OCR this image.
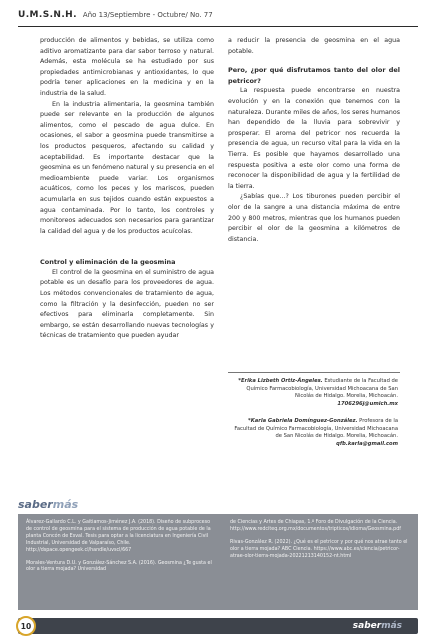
U.M.S.N.H. Año 13/Septiembre - Octubre/ No. 77

producción de alimentos y bebidas, se utiliza como aditivo aromatizante para dar sabor terroso y natural. Además, esta molécula se ha estudiado por sus propiedades antimicrobianas y antioxidantes, lo que podría tener aplicaciones en la medicina y en la industria de la salud.

En la industria alimentaria, la geosmina también puede ser relevante en la producción de algunos alimentos, como el pescado de agua dulce. En ocasiones, el sabor a geosmina puede transmitirse a los productos pesqueros, afectando su calidad y aceptabilidad. Es importante destacar que la geosmina es un fenómeno natural y su presencia en el medioambiente puede variar. Los organismos acuáticos, como los peces y los mariscos, pueden acumularla en sus tejidos cuando están expuestos a agua contaminada. Por lo tanto, los controles y monitoreos adecuados son necesarios para garantizar la calidad del agua y de los productos acuícolas.

Control y eliminación de la geosmina

El control de la geosmina en el suministro de agua potable es un desafío para los proveedores de agua. Los métodos convencionales de tratamiento de agua, como la filtración y la desinfección, pueden no ser efectivos para eliminarla completamente. Sin embargo, se están desarrollando nuevas tecnologías y técnicas de tratamiento que pueden ayudar

a reducir la presencia de geosmina en el agua potable.

Pero, ¿por qué disfrutamos tanto del olor del petricor?

La respuesta puede encontrarse en nuestra evolución y en la conexión que tenemos con la naturaleza. Durante miles de años, los seres humanos han dependido de la lluvia para sobrevivir y prosperar. El aroma del petricor nos recuerda la presencia de agua, un recurso vital para la vida en la Tierra. Es posible que hayamos desarrollado una respuesta positiva a este olor como una forma de reconocer la disponibilidad de agua y la fertilidad de la tierra.

¿Sabías que...? Los tiburones pueden percibir el olor de la sangre a una distancia máxima de entre 200 y 800 metros, mientras que los humanos pueden percibir el olor de la geosmina a kilómetros de distancia.

*Erika Lizbeth Ortiz-Ángeles. Estudiante de la Facultad de Químico Farmacobiología, Universidad Michoacana de San Nicolás de Hidalgo. Morelia, Michoacán.
1706296j@umich.mx
*Karla Gabriela Domínguez-González. Profesora de la Facultad de Químico Farmacobiología, Universidad Michoacana de San Nicolás de Hidalgo. Morelia, Michoacán.
qfb.karla@gmail.com
saber más

Álvarez-Gallardo C.L. y Gaitiamos-Jiménez J.A. (2018). Diseño de subproceso de control de geosmina para el sistema de producción de agua potable de la planta Concón de Esval. Tesis para optar a la licenciatura en Ingeniería Civil Industrial, Universidad de Valparaíso, Chile. http://dspace.opengeek.cl/handle/uvscl/667

Morales-Ventura D.U. y González-Sánchez S.A. (2016). Geosmina ¿Te gusta el olor a tierra mojada? Universidad

de Ciencias y Artes de Chiapas, 1.º Foro de Divulgación de la Ciencia. http://www.redciteq.org.mx/documentos/tripticos/idioma/Geosmina.pdf

Rivas-González R. (2022). ¿Qué es el petricor y por qué nos atrae tanto el olor a tierra mojada? ABC Ciencia. https://www.abc.es/ciencia/petricor-atrae-olor-tierra-mojada-20221213140152-nt.html

10	saber más
